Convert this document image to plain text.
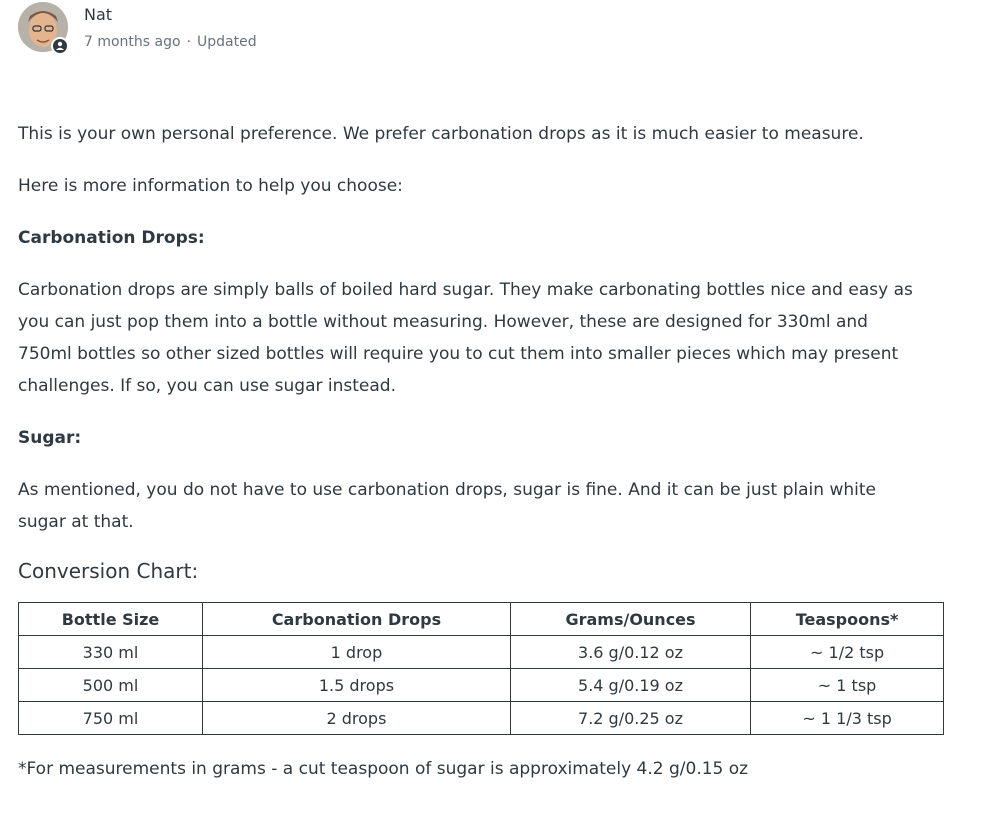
Nat
7 months ago · Updated

This is your own personal preference. We prefer carbonation drops as it is much easier to measure.

Here is more information to help you choose:

Carbonation Drops:

Carbonation drops are simply balls of boiled hard sugar. They make carbonating bottles nice and easy as you can just pop them into a bottle without measuring. However, these are designed for 330ml and 750ml bottles so other sized bottles will require you to cut them into smaller pieces which may present challenges. If so, you can use sugar instead.

Sugar:

As mentioned, you do not have to use carbonation drops, sugar is fine. And it can be just plain white sugar at that.

Conversion Chart:
Bottle Size	Carbonation Drops	Grams/Ounces	Teaspoons*
330 ml	1 drop	3.6 g/0.12 oz	~ 1/2 tsp
500 ml	1.5 drops	5.4 g/0.19 oz	~ 1 tsp
750 ml	2 drops	7.2 g/0.25 oz	~ 1 1/3 tsp

*For measurements in grams - a cut teaspoon of sugar is approximately 4.2 g/0.15 oz
